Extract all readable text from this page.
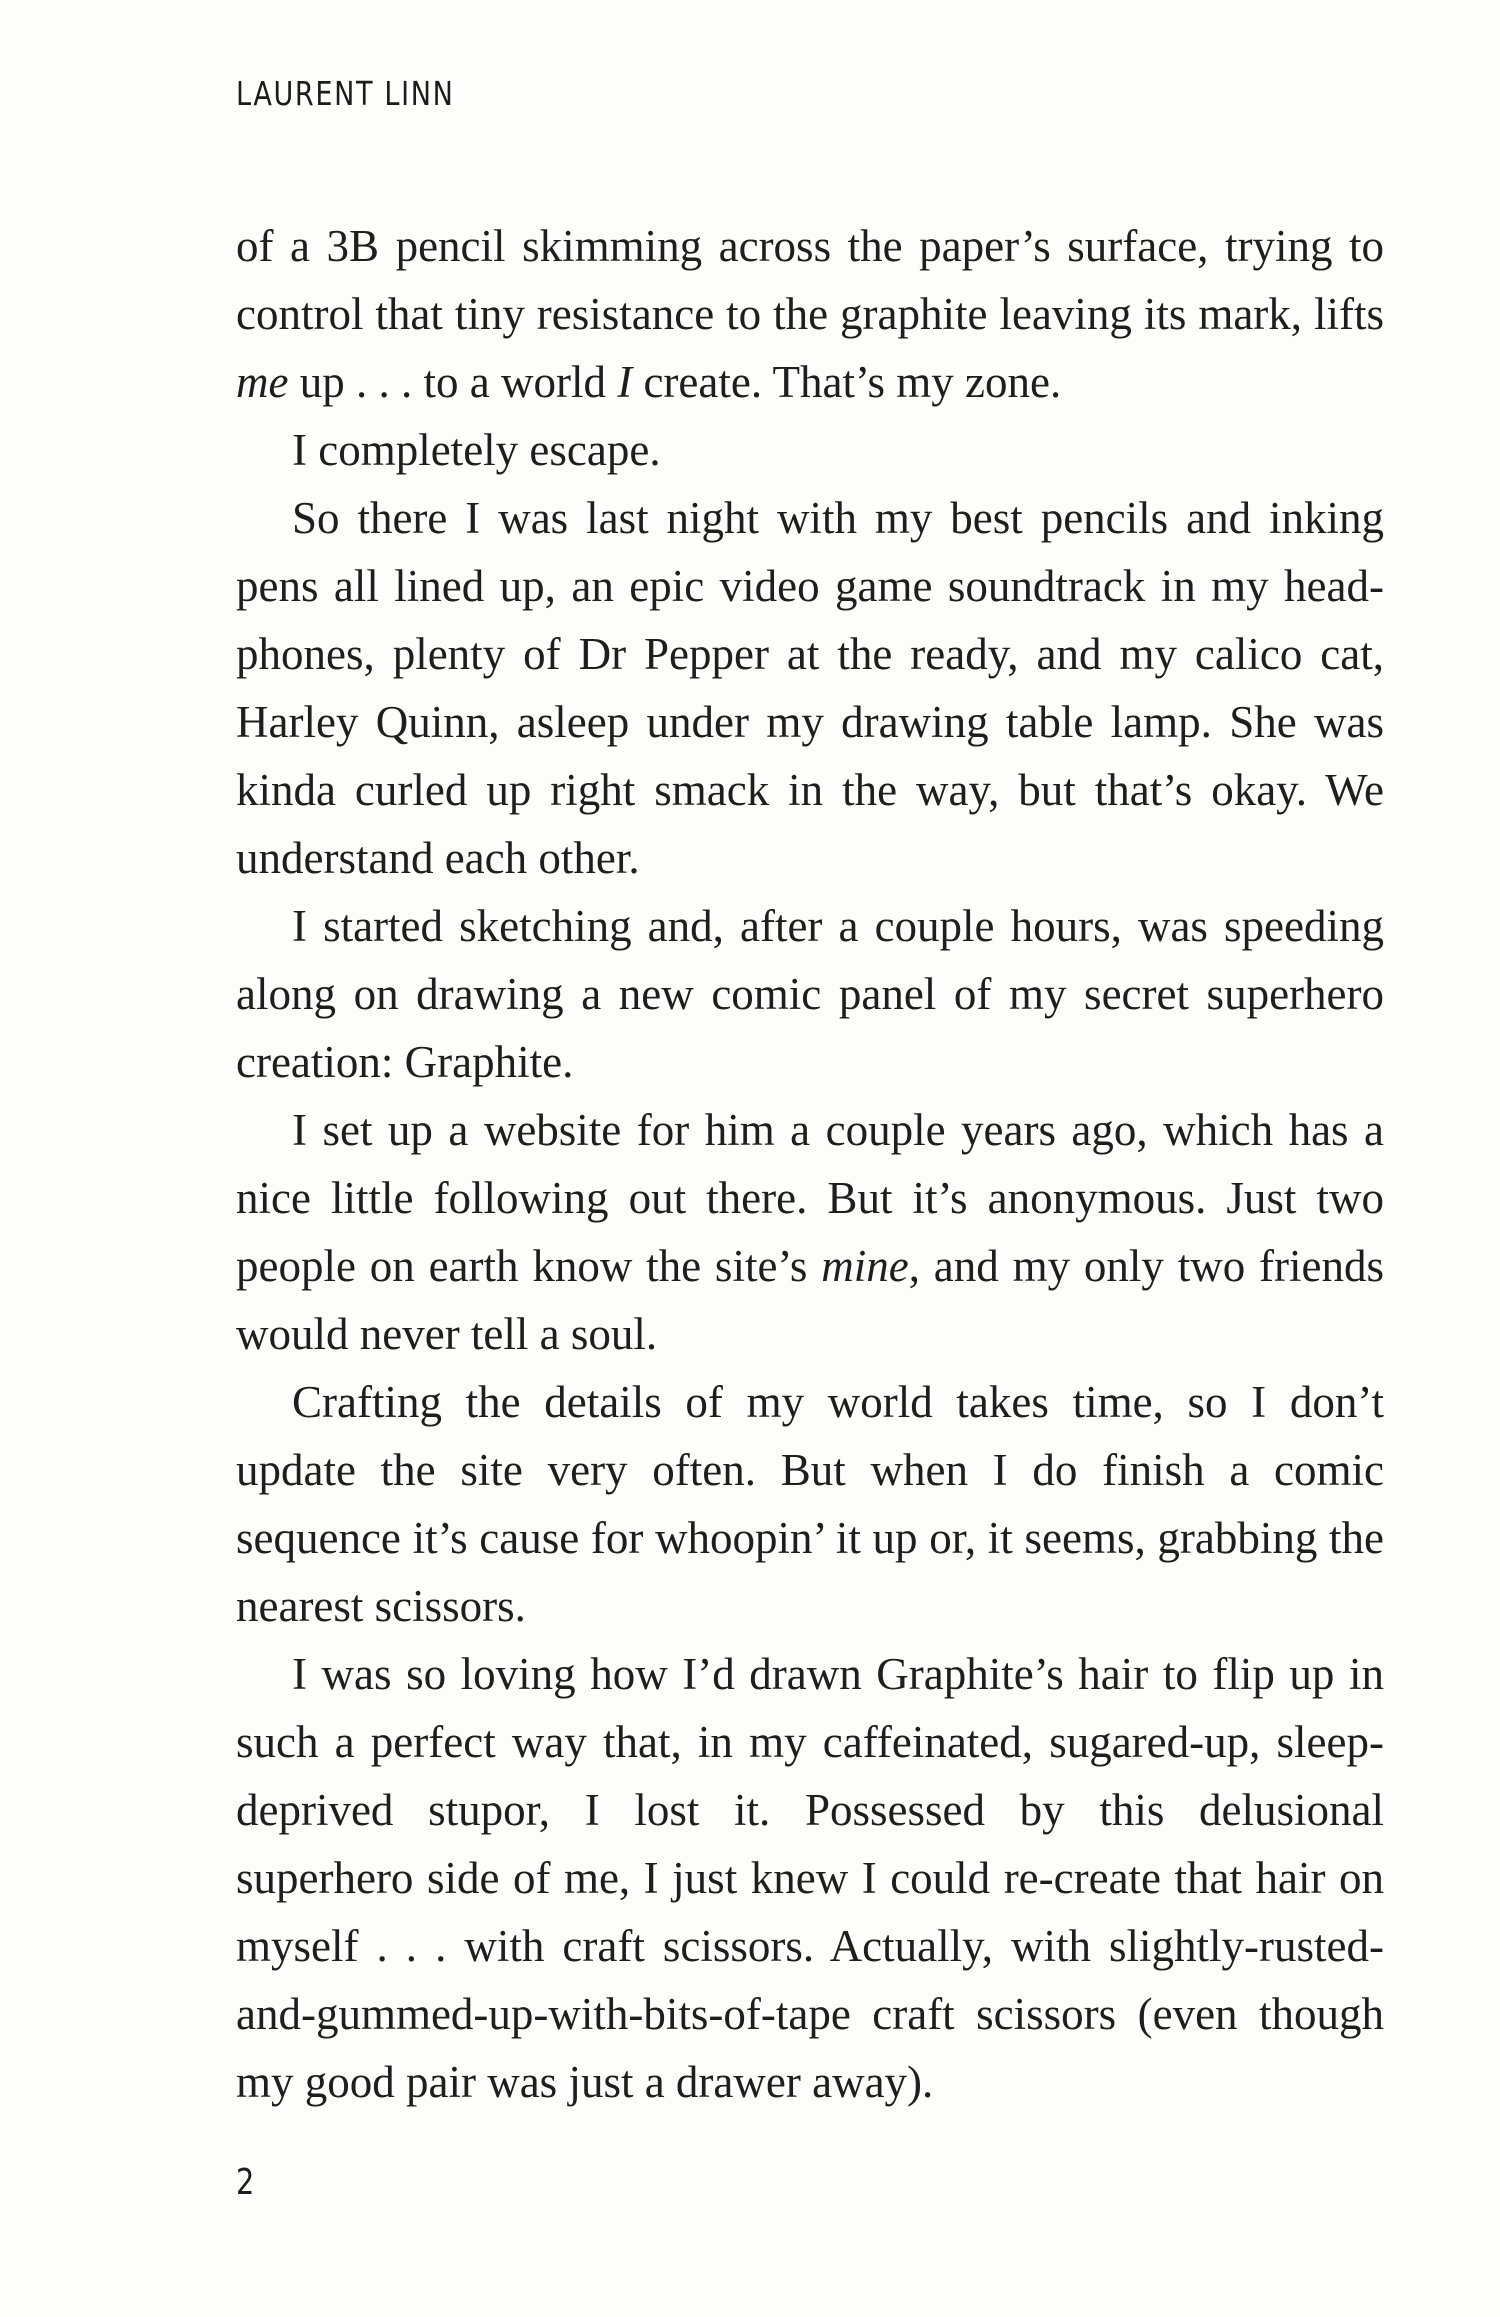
LAURENT LINN

of a 3B pencil skimming across the paper’s surface, trying to control that tiny resistance to the graphite leaving its mark, lifts me up . . . to a world I create. That’s my zone.

I completely escape.

So there I was last night with my best pencils and inking pens all lined up, an epic video game soundtrack in my headphones, plenty of Dr Pepper at the ready, and my calico cat, Harley Quinn, asleep under my drawing table lamp. She was kinda curled up right smack in the way, but that’s okay. We understand each other.

I started sketching and, after a couple hours, was speeding along on drawing a new comic panel of my secret superhero creation: Graphite.

I set up a website for him a couple years ago, which has a nice little following out there. But it’s anonymous. Just two people on earth know the site’s mine, and my only two friends would never tell a soul.

Crafting the details of my world takes time, so I don’t update the site very often. But when I do finish a comic sequence it’s cause for whoopin’ it up or, it seems, grabbing the nearest scissors.

I was so loving how I’d drawn Graphite’s hair to flip up in such a perfect way that, in my caffeinated, sugared-up, sleep-deprived stupor, I lost it. Possessed by this delusional superhero side of me, I just knew I could re-create that hair on myself . . . with craft scissors. Actually, with slightly-rusted-and-gummed-up-with-bits-of-tape craft scissors (even though my good pair was just a drawer away).

2
